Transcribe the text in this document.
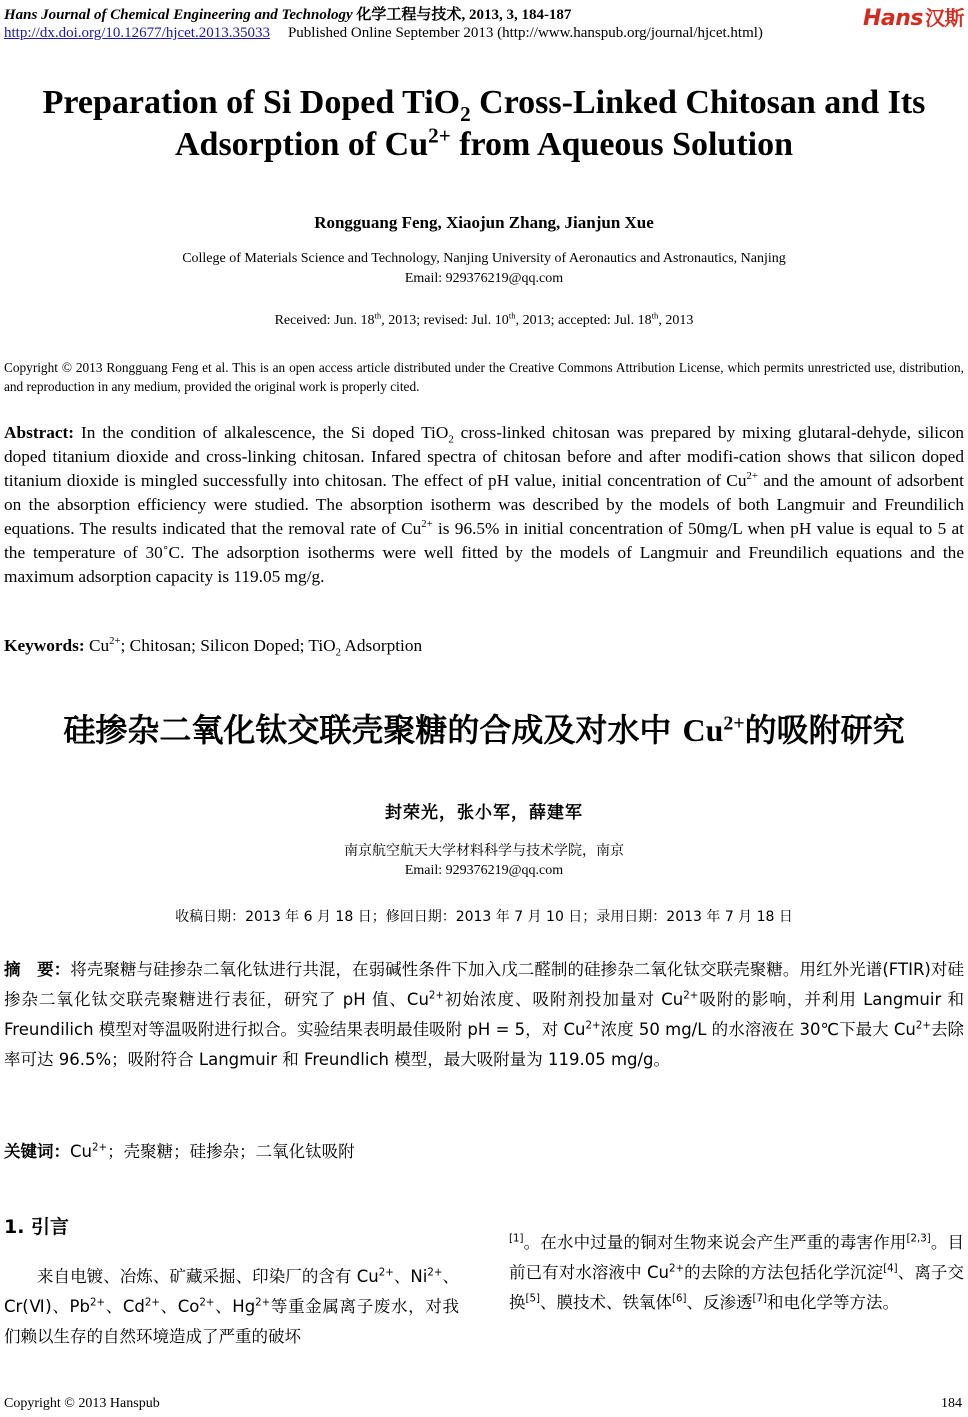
Hans Journal of Chemical Engineering and Technology 化学工程与技术, 2013, 3, 184-187
http://dx.doi.org/10.12677/hjcet.2013.35033 Published Online September 2013 (http://www.hanspub.org/journal/hjcet.html)
Hans 汉斯
Preparation of Si Doped TiO$_2$ Cross-Linked Chitosan and Its
Adsorption of $Cu^{2+}$ from Aqueous Solution
Rongguang Feng, Xiaojun Zhang, Jianjun Xue
College of Materials Science and Technology, Nanjing University of Aeronautics and Astronautics, Nanjing
Email: 929376219@qq.com
Received: Jun. 18th, 2013; revised: Jul. 10th, 2013; accepted: Jul. 18th, 2013
Copyright © 2013 Rongguang Feng et al. This is an open access article distributed under the Creative Commons Attribution License, which permits unrestricted use, distribution, and reproduction in any medium, provided the original work is properly cited.
Abstract: In the condition of alkalescence, the Si doped TiO$_2$ cross-linked chitosan was prepared by mixing glutaral-dehyde, silicon doped titanium dioxide and cross-linking chitosan. Infared spectra of chitosan before and after modifi-cation shows that silicon doped titanium dioxide is mingled successfully into chitosan. The effect of pH value, initial concentration of $Cu^{2+}$ and the amount of adsorbent on the absorption efficiency were studied. The absorption isotherm was described by the models of both Langmuir and Freundilich equations. The results indicated that the removal rate of $Cu^{2+}$ is 96.5% in initial concentration of 50mg/L when pH value is equal to 5 at the temperature of 30˚C. The adsorption isotherms were well fitted by the models of Langmuir and Freundilich equations and the maximum adsorption capacity is 119.05 mg/g.
Keywords: $Cu^{2+}$; Chitosan; Silicon Doped; TiO$_2$ Adsorption
硅掺杂二氧化钛交联壳聚糖的合成及对水中 $Cu^{2+}$的吸附研究
封荣光，张小军，薛建军
南京航空航天大学材料科学与技术学院，南京
Email: 929376219@qq.com
收稿日期：2013 年 6 月 18 日；修回日期：2013 年 7 月 10 日；录用日期：2013 年 7 月 18 日
摘　要：将壳聚糖与硅掺杂二氧化钛进行共混，在弱碱性条件下加入戊二醛制的硅掺杂二氧化钛交联壳聚糖。用红外光谱(FTIR)对硅掺杂二氧化钛交联壳聚糖进行表征，研究了 pH 值、$Cu^{2+}$初始浓度、吸附剂投加量对 $Cu^{2+}$吸附的影响，并利用 Langmuir 和 Freundilich 模型对等温吸附进行拟合。实验结果表明最佳吸附 pH = 5，对 $Cu^{2+}$浓度 50 mg/L 的水溶液在 30℃下最大 $Cu^{2+}$去除率可达 96.5%；吸附符合 Langmuir 和 Freundlich 模型，最大吸附量为 119.05 mg/g。
关键词：$Cu^{2+}$；壳聚糖；硅掺杂；二氧化钛吸附
1. 引言
来自电镀、冶炼、矿藏采掘、印染厂的含有 $Cu^{2+}$、$Ni^{2+}$、Cr(Ⅵ)、$Pb^{2+}$、$Cd^{2+}$、$Co^{2+}$、$Hg^{2+}$等重金属离子废水，对我们赖以生存的自然环境造成了严重的破坏
[1]。在水中过量的铜对生物来说会产生严重的毒害作用[2,3]。目前已有对水溶液中 $Cu^{2+}$的去除的方法包括化学沉淀[4]、离子交换[5]、膜技术、铁氧体[6]、反渗透[7]和电化学等方法。
Copyright © 2013 Hanspub	184
